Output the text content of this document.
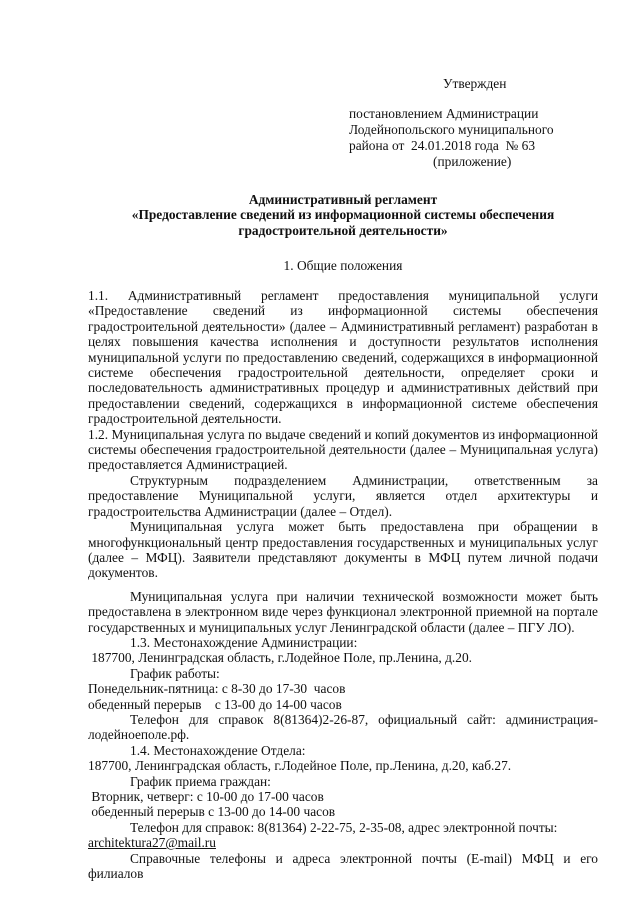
Утвержден
постановлением Администрации
Лодейнопольского муниципального
района от  24.01.2018 года  № 63
(приложение)
Административный регламент
«Предоставление сведений из информационной системы обеспечения
градостроительной деятельности»
1. Общие положения

1.1. Административный регламент предоставления муниципальной услуги «Предоставление сведений из информационной системы обеспечения градостроительной деятельности» (далее – Административный регламент) разработан в целях повышения качества исполнения и доступности результатов исполнения муниципальной услуги по предоставлению сведений, содержащихся в информационной системе обеспечения градостроительной деятельности, определяет сроки и последовательность административных процедур и административных действий при предоставлении сведений, содержащихся в информационной системе обеспечения градостроительной деятельности.

1.2. Муниципальная услуга по выдаче сведений и копий документов из информационной системы обеспечения градостроительной деятельности (далее – Муниципальная услуга) предоставляется Администрацией.

Структурным подразделением Администрации, ответственным за предоставление Муниципальной услуги, является отдел архитектуры и градостроительства Администрации (далее – Отдел).

Муниципальная услуга может быть предоставлена при обращении в многофункциональный центр предоставления государственных и муниципальных услуг (далее – МФЦ). Заявители представляют документы в МФЦ путем личной подачи документов.

Муниципальная услуга при наличии технической возможности может быть предоставлена в электронном виде через функционал электронной приемной на портале государственных и муниципальных услуг Ленинградской области (далее – ПГУ ЛО).

1.3. Местонахождение Администрации:

187700, Ленинградская область, г.Лодейное Поле, пр.Ленина, д.20.

График работы:

Понедельник-пятница: с 8-30 до 17-30  часов

обеденный перерыв    с 13-00 до 14-00 часов

Телефон для справок 8(81364)2-26-87, официальный сайт: администрация-лодейноеполе.рф.

1.4. Местонахождение Отдела:

187700, Ленинградская область, г.Лодейное Поле, пр.Ленина, д.20, каб.27.

График приема граждан:

Вторник, четверг: с 10-00 до 17-00 часов

обеденный перерыв с 13-00 до 14-00 часов

Телефон для справок: 8(81364) 2-22-75, 2-35-08, адрес электронной почты:

architektura27@mail.ru

Справочные телефоны и адреса электронной почты (E-mail) МФЦ и его филиалов
